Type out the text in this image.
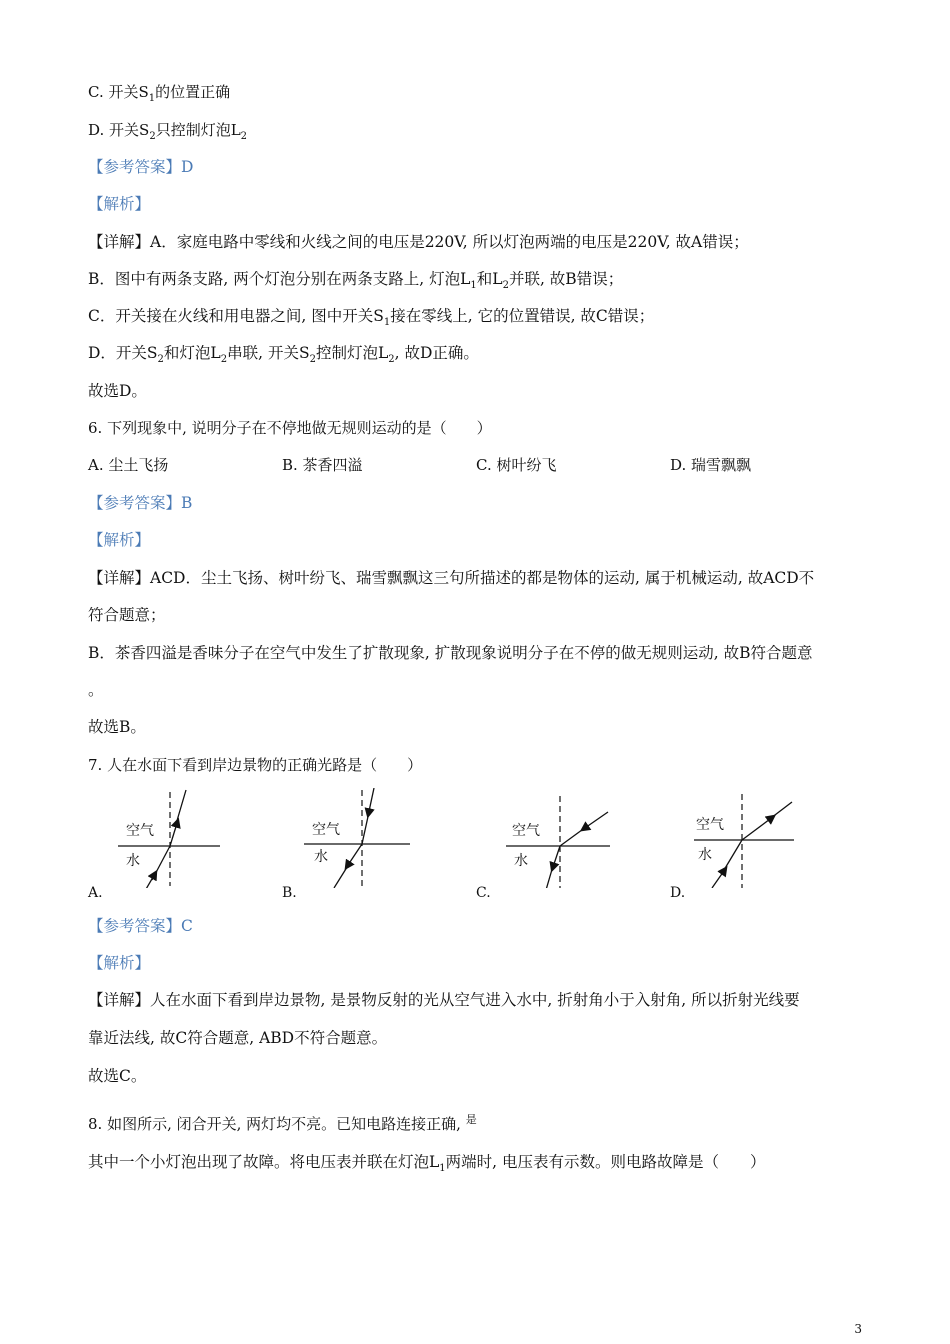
C. 开关$S_1$的位置正确
D. 开关$S_2$只控制灯泡$L_2$
【参考答案】D
【解析】
【详解】A．家庭电路中零线和火线之间的电压是220V, 所以灯泡两端的电压是220V, 故A错误；
B．图中有两条支路, 两个灯泡分别在两条支路上, 灯泡$L_1$和$L_2$并联, 故B错误；
C．开关接在火线和用电器之间, 图中开关$S_1$接在零线上, 它的位置错误, 故C错误；
D．开关$S_2$和灯泡$L_2$串联, 开关$S_2$控制灯泡$L_2$, 故D正确。
故选D。
6. 下列现象中, 说明分子在不停地做无规则运动的是（　　）
A. 尘土飞扬	B. 茶香四溢	C. 树叶纷飞	D. 瑞雪飘飘
【参考答案】B
【解析】
【详解】ACD．尘土飞扬、树叶纷飞、瑞雪飘飘这三句所描述的都是物体的运动, 属于机械运动, 故ACD不
符合题意；
B．茶香四溢是香味分子在空气中发生了扩散现象, 扩散现象说明分子在不停的做无规则运动, 故B符合题意
。
故选B。
7. 人在水面下看到岸边景物的正确光路是（　　）
空气
水
A.
空气
水
B.
空气
水
C.
空气
水
D.
【参考答案】C
【解析】
【详解】人在水面下看到岸边景物, 是景物反射的光从空气进入水中, 折射角小于入射角, 所以折射光线要
靠近法线, 故C符合题意, ABD不符合题意。
故选C。
8. 如图所示, 闭合开关, 两灯均不亮。已知电路连接正确, $^是$
其中一个小灯泡出现了故障。将电压表并联在灯泡$L_1$两端时, 电压表有示数。则电路故障是（　　）
3
